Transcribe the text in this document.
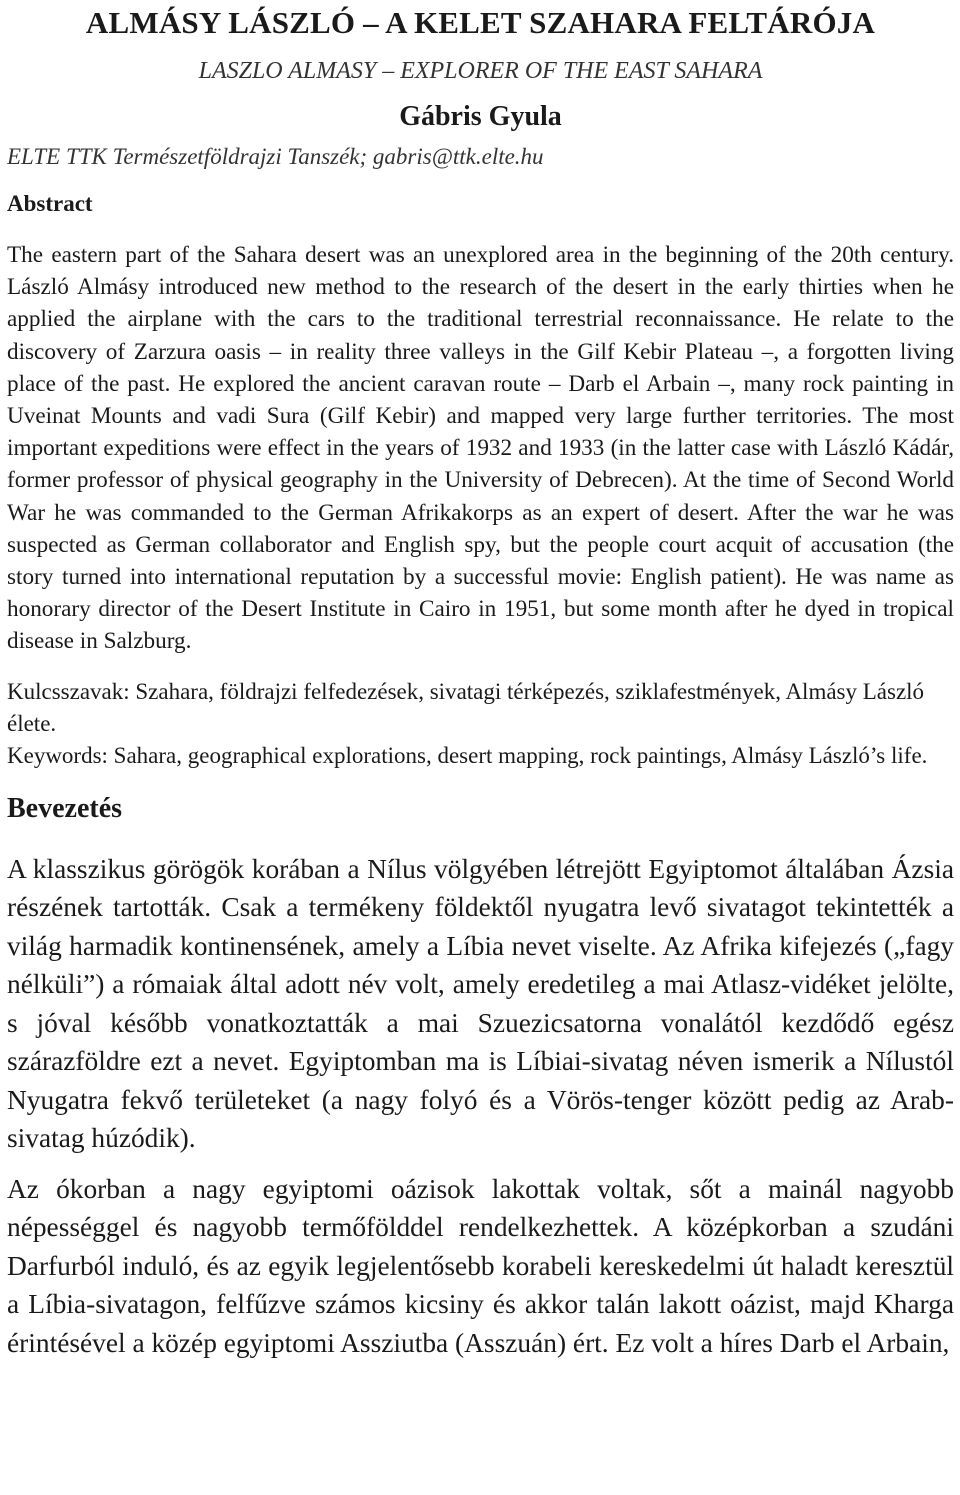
ALMÁSY LÁSZLÓ – A KELET SZAHARA FELTÁRÓJA

LASZLO ALMASY – EXPLORER OF THE EAST SAHARA

Gábris Gyula

ELTE TTK Természetföldrajzi Tanszék; gabris@ttk.elte.hu

Abstract

The eastern part of the Sahara desert was an unexplored area in the beginning of the 20th century. László Almásy introduced new method to the research of the desert in the early thirties when he applied the airplane with the cars to the traditional terrestrial reconnaissance. He relate to the discovery of Zarzura oasis – in reality three valleys in the Gilf Kebir Plateau –, a forgotten living place of the past. He explored the ancient caravan route – Darb el Arbain –, many rock painting in Uveinat Mounts and vadi Sura (Gilf Kebir) and mapped very large further territories. The most important expeditions were effect in the years of 1932 and 1933 (in the latter case with László Kádár, former professor of physical geography in the University of Debrecen). At the time of Second World War he was commanded to the German Afrikakorps as an expert of desert. After the war he was suspected as German collaborator and English spy, but the people court acquit of accusation (the story turned into international reputation by a successful movie: English patient). He was name as honorary director of the Desert Institute in Cairo in 1951, but some month after he dyed in tropical disease in Salzburg.

Kulcsszavak: Szahara, földrajzi felfedezések, sivatagi térképezés, sziklafestmények, Almásy László élete.

Keywords: Sahara, geographical explorations, desert mapping, rock paintings, Almásy László’s life.

Bevezetés

A klasszikus görögök korában a Nílus völgyében létrejött Egyiptomot általában Ázsia részének tartották. Csak a termékeny földektől nyugatra levő sivatagot tekintették a világ harmadik kontinensének, amely a Líbia nevet viselte. Az Afrika kifejezés („fagy nélküli”) a rómaiak által adott név volt, amely eredetileg a mai Atlasz-vidéket jelölte, s jóval később vonatkoztatták a mai Szuezicsatorna vonalától kezdődő egész szárazföldre ezt a nevet. Egyiptomban ma is Líbiai-sivatag néven ismerik a Nílustól Nyugatra fekvő területeket (a nagy folyó és a Vörös-tenger között pedig az Arab-sivatag húzódik).

Az ókorban a nagy egyiptomi oázisok lakottak voltak, sőt a mainál nagyobb népességgel és nagyobb termőfölddel rendelkezhettek. A középkorban a szudáni Darfurból induló, és az egyik legjelentősebb korabeli kereskedelmi út haladt keresztül a Líbia-sivatagon, felfűzve számos kicsiny és akkor talán lakott oázist, majd Kharga érintésével a közép egyiptomi Assziutba (Asszuán) ért. Ez volt a híres Darb el Arbain,
